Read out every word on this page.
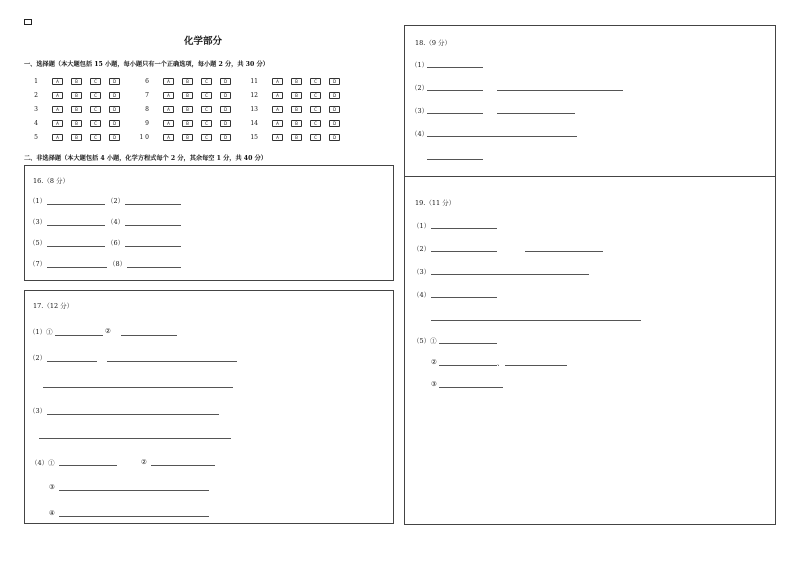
化学部分
一、选择题（本大题包括 15 小题，每小题只有一个正确选项，每小题 2 分，共 30 分）
1	A	B	C	D
2	A	B	C	D
3	A	B	C	D
4	A	B	C	D
5	A	B	C	D
6	A	B	C	D
7	A	B	C	D
8	A	B	C	D
9	A	B	C	D
1 0	A	B	C	D
11	A	B	C	D
12	A	B	C	D
13	A	B	C	D
14	A	B	C	D
15	A	B	C	D
二、非选择题（本大题包括 4 小题，化学方程式每个 2 分，其余每空 1 分，共 40 分）
16.（8 分）
（1）	（2）
（3）	（4）
（5）	（6）
（7）	（8）
17.（12 分）
（1）①	②
（2）
（3）
（4）①	②
③
④
18.（9 分）
（1）
（2）
（3）
（4）
19.（11 分）
（1）
（2）
（3）
（4）
（5）①
②	、
③
